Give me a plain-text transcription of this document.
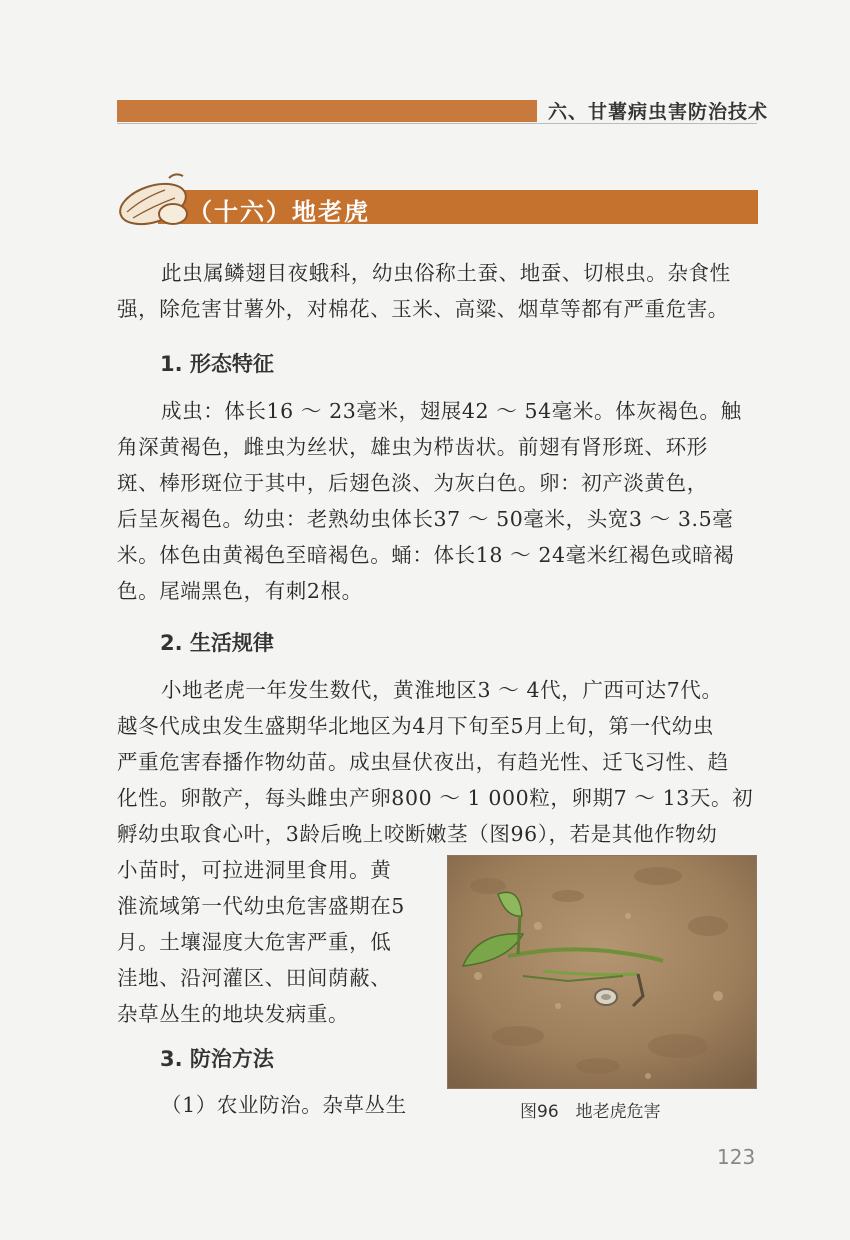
六、甘薯病虫害防治技术
（十六）地老虎
此虫属鳞翅目夜蛾科，幼虫俗称土蚕、地蚕、切根虫。杂食性
强，除危害甘薯外，对棉花、玉米、高粱、烟草等都有严重危害。
1. 形态特征
成虫：体长16 ～ 23毫米，翅展42 ～ 54毫米。体灰褐色。触
角深黄褐色，雌虫为丝状，雄虫为栉齿状。前翅有肾形斑、环形
斑、棒形斑位于其中，后翅色淡、为灰白色。卵：初产淡黄色，
后呈灰褐色。幼虫：老熟幼虫体长37 ～ 50毫米，头宽3 ～ 3.5毫
米。体色由黄褐色至暗褐色。蛹：体长18 ～ 24毫米红褐色或暗褐
色。尾端黑色，有刺2根。
2. 生活规律
小地老虎一年发生数代，黄淮地区3 ～ 4代，广西可达7代。
越冬代成虫发生盛期华北地区为4月下旬至5月上旬，第一代幼虫
严重危害春播作物幼苗。成虫昼伏夜出，有趋光性、迁飞习性、趋
化性。卵散产，每头雌虫产卵800 ～ 1 000粒，卵期7 ～ 13天。初
孵幼虫取食心叶，3龄后晚上咬断嫩茎（图96），若是其他作物幼
小苗时，可拉进洞里食用。黄
淮流域第一代幼虫危害盛期在5
月。土壤湿度大危害严重，低
洼地、沿河灌区、田间荫蔽、
杂草丛生的地块发病重。
3. 防治方法
（1）农业防治。杂草丛生	图96　地老虎危害
123
